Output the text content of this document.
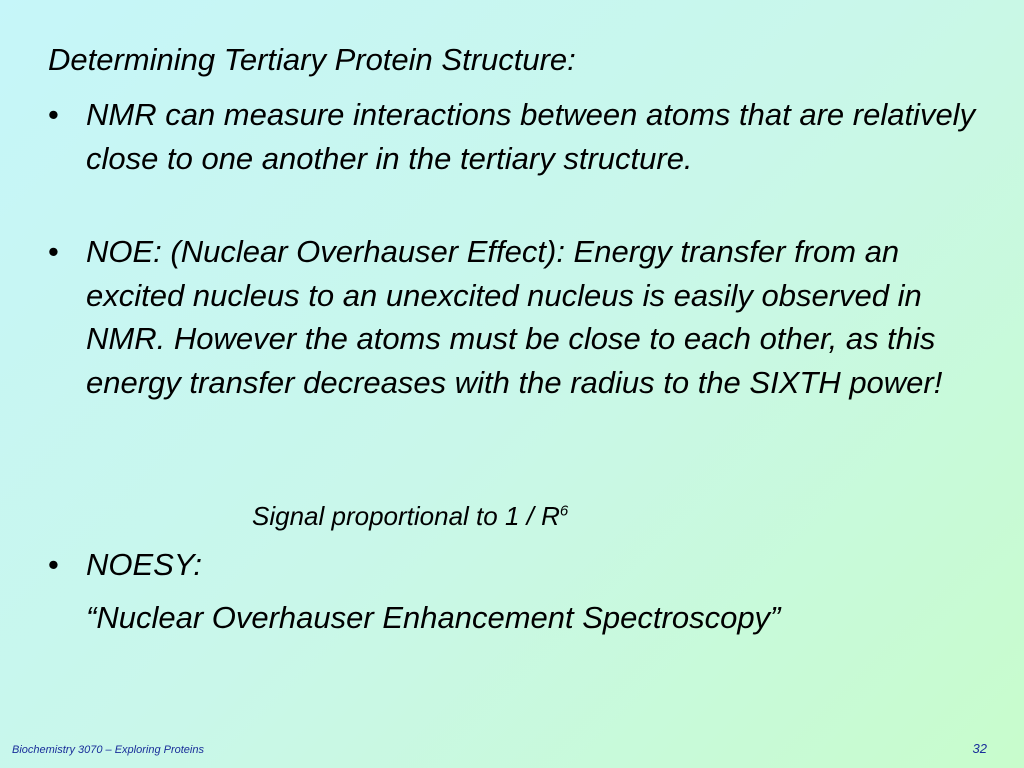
Determining Tertiary Protein Structure:
• NMR can measure interactions between atoms that are relatively close to one another in the tertiary structure.
• NOE: (Nuclear Overhauser Effect): Energy transfer from an excited nucleus to an unexcited nucleus is easily observed in NMR. However the atoms must be close to each other, as this energy transfer decreases with the radius to the SIXTH power!
Signal proportional to $1 / R^6$
• NOESY:
“Nuclear Overhauser Enhancement Spectroscopy”
Biochemistry 3070 – Exploring Proteins	32
